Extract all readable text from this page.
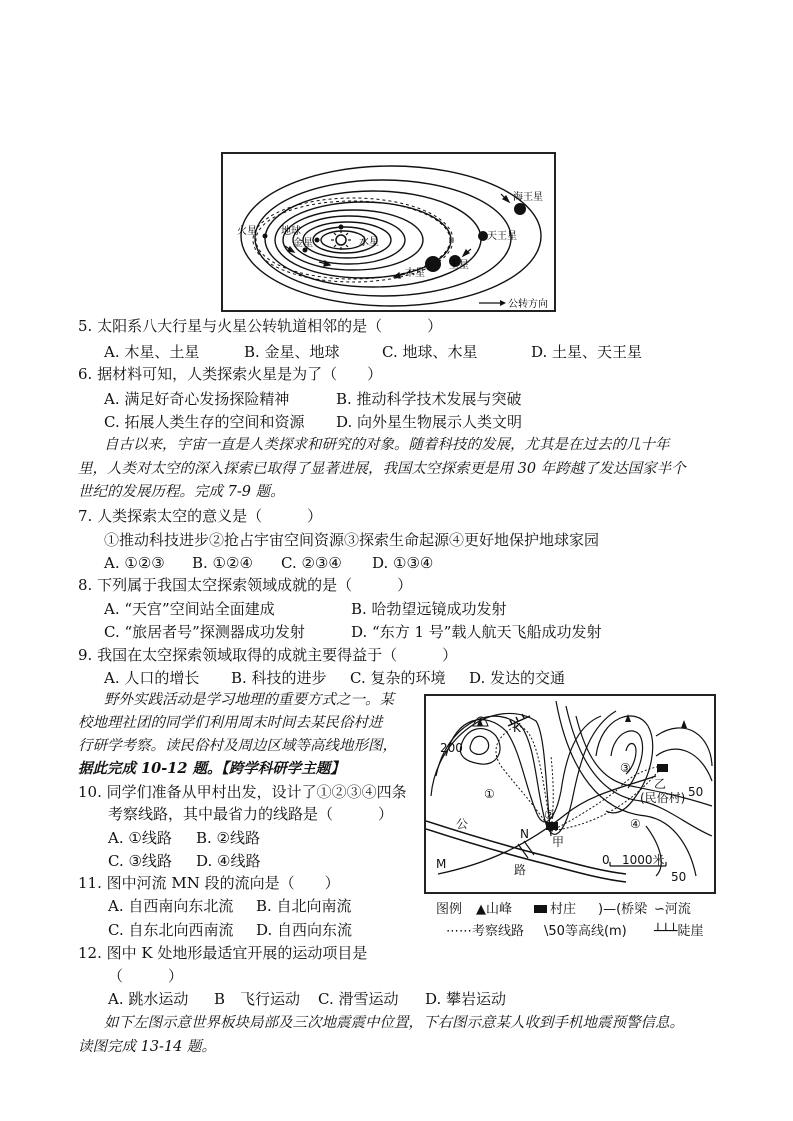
海王星
天王星
土星
木星
火星 地球
金星	水星
公转方向
5. 太阳系八大行星与火星公转轨道相邻的是（　　　）
A. 木星、土星	B. 金星、地球	C. 地球、木星	D. 土星、天王星
6. 据材料可知，人类探索火星是为了（　　）
A. 满足好奇心发扬探险精神	B. 推动科学技术发展与突破
C. 拓展人类生存的空间和资源 D. 向外星生物展示人类文明
自古以来，宇宙一直是人类探求和研究的对象。随着科技的发展，尤其是在过去的几十年
里，人类对太空的深入探索已取得了显著进展，我国太空探索更是用 30 年跨越了发达国家半个
世纪的发展历程。完成 7-9 题。
7. 人类探索太空的意义是（　　　）
①推动科技进步②抢占宇宙空间资源③探索生命起源④更好地保护地球家园
A. ①②③ B. ①②④ C. ②③④ D. ①③④
8. 下列属于我国太空探索领域成就的是（　　　）
A. “天宫”空间站全面建成	B. 哈勃望远镜成功发射
C. “旅居者号”探测器成功发射	D. “东方 1 号”载人航天飞船成功发射
9. 我国在太空探索领域取得的成就主要得益于（　　　）
A. 人口的增长 B. 科技的进步 C. 复杂的环境 D. 发达的交通
野外实践活动是学习地理的重要方式之一。某
校地理社团的同学们利用周末时间去某民俗村进
行研学考察。读民俗村及周边区域等高线地形图，
据此完成 10-12 题。【跨学科研学主题】
10. 同学们准备从甲村出发，设计了①②③④四条
考察线路，其中最省力的线路是（　　　）
A. ①线路 B. ②线路
C. ③线路 D. ④线路
11. 图中河流 MN 段的流向是（　　）
A. 自西南向东北流 B. 自北向南流
C. 自东北向西南流 D. 自西向东流
12. 图中 K 处地形最适宜开展的运动项目是
（　　　）
A. 跳水运动 B　飞行运动 C. 滑雪运动 D. 攀岩运动
如下左图示意世界板块局部及三次地震震中位置，下右图示意某人收到手机地震预警信息。
读图完成 13-14 题。
K
200
50
50
①
②
③
④
乙
(民俗村)
甲
N
M
公
路
0 1000米
图例 ▲山峰	村庄 )—(桥梁 ∽河流
⋯⋯考察线路 \50等高线(m) ┴┴┴陡崖
